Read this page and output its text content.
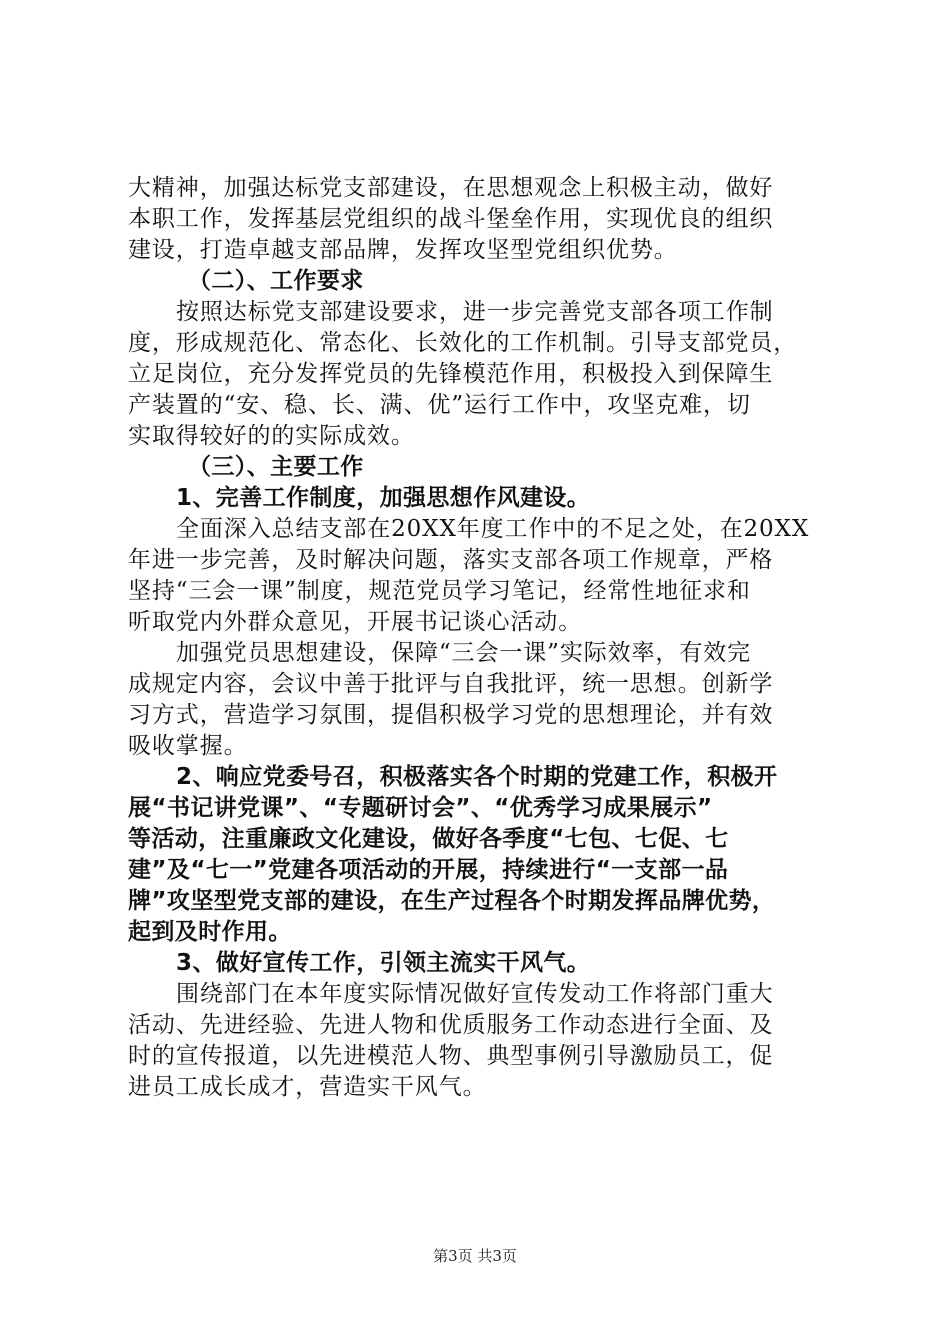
大精神，加强达标党支部建设，在思想观念上积极主动，做好
本职工作，发挥基层党组织的战斗堡垒作用，实现优良的组织
建设，打造卓越支部品牌，发挥攻坚型党组织优势。
（二）、工作要求
按照达标党支部建设要求，进一步完善党支部各项工作制
度，形成规范化、常态化、长效化的工作机制。引导支部党员，
立足岗位，充分发挥党员的先锋模范作用，积极投入到保障生
产装置的“安、稳、长、满、优”运行工作中，攻坚克难，切
实取得较好的的实际成效。
（三）、主要工作
1、完善工作制度，加强思想作风建设。
全面深入总结支部在20XX年度工作中的不足之处，在20XX
年进一步完善，及时解决问题，落实支部各项工作规章，严格
坚持“三会一课”制度，规范党员学习笔记，经常性地征求和
听取党内外群众意见，开展书记谈心活动。
加强党员思想建设，保障“三会一课”实际效率，有效完
成规定内容，会议中善于批评与自我批评，统一思想。创新学
习方式，营造学习氛围，提倡积极学习党的思想理论，并有效
吸收掌握。
2、响应党委号召，积极落实各个时期的党建工作，积极开
展“书记讲党课”、“专题研讨会”、“优秀学习成果展示”
等活动，注重廉政文化建设，做好各季度“七包、七促、七
建”及“七一”党建各项活动的开展，持续进行“一支部一品
牌”攻坚型党支部的建设，在生产过程各个时期发挥品牌优势，
起到及时作用。
3、做好宣传工作，引领主流实干风气。
围绕部门在本年度实际情况做好宣传发动工作将部门重大
活动、先进经验、先进人物和优质服务工作动态进行全面、及
时的宣传报道，以先进模范人物、典型事例引导激励员工，促
进员工成长成才，营造实干风气。
第3页 共3页
